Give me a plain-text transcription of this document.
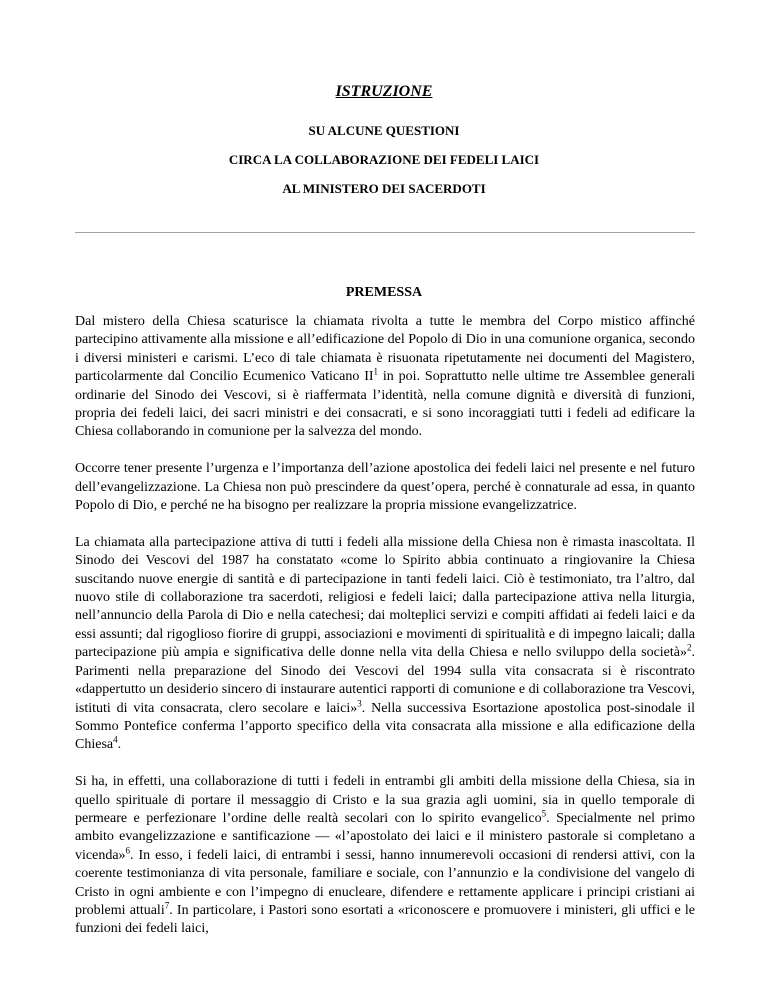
ISTRUZIONE
SU ALCUNE QUESTIONI
CIRCA LA COLLABORAZIONE DEI FEDELI LAICI
AL MINISTERO DEI SACERDOTI
PREMESSA

Dal mistero della Chiesa scaturisce la chiamata rivolta a tutte le membra del Corpo mistico affinché partecipino attivamente alla missione e all’edificazione del Popolo di Dio in una comunione organica, secondo i diversi ministeri e carismi. L’eco di tale chiamata è risuonata ripetutamente nei documenti del Magistero, particolarmente dal Concilio Ecumenico Vaticano $II^1$ in poi. Soprattutto nelle ultime tre Assemblee generali ordinarie del Sinodo dei Vescovi, si è riaffermata l’identità, nella comune dignità e diversità di funzioni, propria dei fedeli laici, dei sacri ministri e dei consacrati, e si sono incoraggiati tutti i fedeli ad edificare la Chiesa collaborando in comunione per la salvezza del mondo.

Occorre tener presente l’urgenza e l’importanza dell’azione apostolica dei fedeli laici nel presente e nel futuro dell’evangelizzazione. La Chiesa non può prescindere da quest’opera, perché è connaturale ad essa, in quanto Popolo di Dio, e perché ne ha bisogno per realizzare la propria missione evangelizzatrice.

La chiamata alla partecipazione attiva di tutti i fedeli alla missione della Chiesa non è rimasta inascoltata. Il Sinodo dei Vescovi del 1987 ha constatato «come lo Spirito abbia continuato a ringiovanire la Chiesa suscitando nuove energie di santità e di partecipazione in tanti fedeli laici. Ciò è testimoniato, tra l’altro, dal nuovo stile di collaborazione tra sacerdoti, religiosi e fedeli laici; dalla partecipazione attiva nella liturgia, nell’annuncio della Parola di Dio e nella catechesi; dai molteplici servizi e compiti affidati ai fedeli laici e da essi assunti; dal rigoglioso fiorire di gruppi, associazioni e movimenti di spiritualità e di impegno laicali; dalla partecipazione più ampia e significativa delle donne nella vita della Chiesa e nello sviluppo della società»$^2$. Parimenti nella preparazione del Sinodo dei Vescovi del 1994 sulla vita consacrata si è riscontrato «dappertutto un desiderio sincero di instaurare autentici rapporti di comunione e di collaborazione tra Vescovi, istituti di vita consacrata, clero secolare e laici»$^3$. Nella successiva Esortazione apostolica post-sinodale il Sommo Pontefice conferma l’apporto specifico della vita consacrata alla missione e alla edificazione della Chiesa$^4$.

Si ha, in effetti, una collaborazione di tutti i fedeli in entrambi gli ambiti della missione della Chiesa, sia in quello spirituale di portare il messaggio di Cristo e la sua grazia agli uomini, sia in quello temporale di permeare e perfezionare l’ordine delle realtà secolari con lo spirito evangelico$^5$. Specialmente nel primo ambito evangelizzazione e santificazione — «l’apostolato dei laici e il ministero pastorale si completano a vicenda»$^6$. In esso, i fedeli laici, di entrambi i sessi, hanno innumerevoli occasioni di rendersi attivi, con la coerente testimonianza di vita personale, familiare e sociale, con l’annunzio e la condivisione del vangelo di Cristo in ogni ambiente e con l’impegno di enucleare, difendere e rettamente applicare i principi cristiani ai problemi attuali$^7$. In particolare, i Pastori sono esortati a «riconoscere e promuovere i ministeri, gli uffici e le funzioni dei fedeli laici,
